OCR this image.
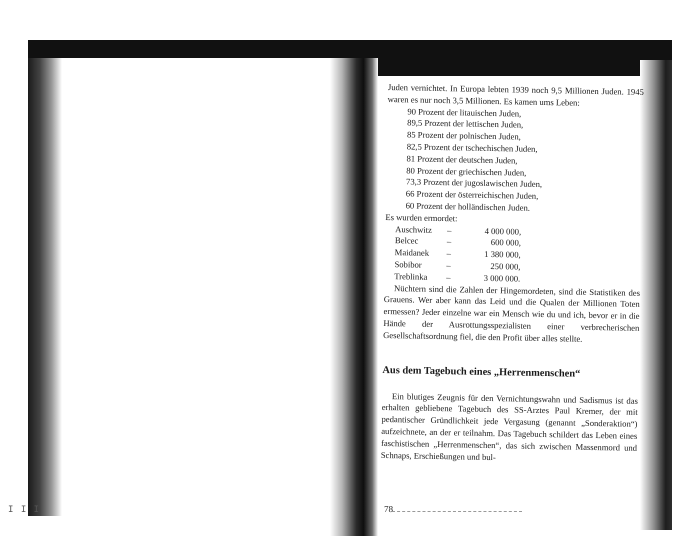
I I I

Juden vernichtet. In Europa lebten 1939 noch 9,5 Millionen Juden. 1945 waren es nur noch 3,5 Millionen. Es kamen ums Leben:

90 Prozent der litauischen Juden,
89,5 Prozent der lettischen Juden,
85 Prozent der polnischen Juden,
82,5 Prozent der tschechischen Juden,
81 Prozent der deutschen Juden,
80 Prozent der griechischen Juden,
73,3 Prozent der jugoslawischen Juden,
66 Prozent der österreichischen Juden,
60 Prozent der holländischen Juden.

Es wurden ermordet:

Auschwitz	–	4 000 000,
Belcec	–	600 000,
Maidanek	–	1 380 000,
Sobibor	–	250 000,
Treblinka	–	3 000 000.

Nüchtern sind die Zahlen der Hingemordeten, sind die Statistiken des Grauens. Wer aber kann das Leid und die Qualen der Millionen Toten ermessen? Jeder einzelne war ein Mensch wie du und ich, bevor er in die Hände der Ausrottungsspezialisten einer verbrecherischen Gesellschaftsordnung fiel, die den Profit über alles stellte.

Aus dem Tagebuch eines „Herrenmenschen“

Ein blutiges Zeugnis für den Vernichtungswahn und Sadismus ist das erhalten gebliebene Tagebuch des SS-Arztes Paul Kremer, der mit pedantischer Gründlichkeit jede Vergasung (genannt „Sonderaktion“) aufzeichnete, an der er teilnahm. Das Tagebuch schildert das Leben eines faschistischen „Herrenmenschen“, das sich zwischen Massenmord und Schnaps, Erschießungen und bul-

78
